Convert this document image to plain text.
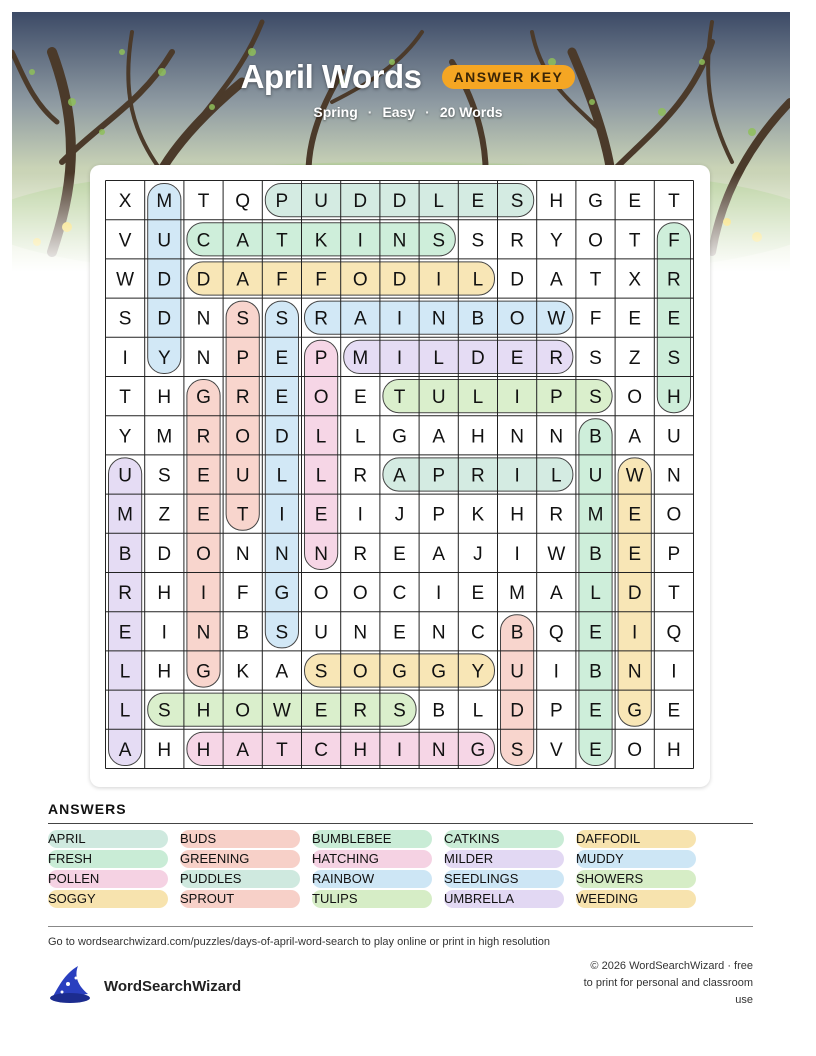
April Words	ANSWER KEY
Spring · Easy · 20 Words
X M T Q P U D D L E S H G E T
V U C A T K I N S S R Y O T F
W D D A F F O D I L D A T X R
S D N S S R A I N B O W F E E
I Y N P E P M I L D E R S Z S
T H G R E O E T U L I P S O H
Y M R O D L L G A H N N B A U
U S E U L L R A P R I L U W N
M Z E T I E I J P K H R M E O
B D O N N N R E A J I W B E P
R H I F G O O C I E M A L D T
E I N B S U N E N C B Q E I Q
L H G K A S O G G Y U I B N I
L S H O W E R S B L D P E G E
A H H A T C H I N G S V E O H
ANSWERS
APRIL	BUDS	BUMBLEBEE	CATKINS	DAFFODIL
FRESH	GREENING	HATCHING	MILDER	MUDDY
POLLEN	PUDDLES	RAINBOW	SEEDLINGS	SHOWERS
SOGGY	SPROUT	TULIPS	UMBRELLA	WEEDING
Go to wordsearchwizard.com/puzzles/days-of-april-word-search to play online or print in high resolution
WordSearchWizard
© 2026 WordSearchWizard · free to print for personal and classroom use
